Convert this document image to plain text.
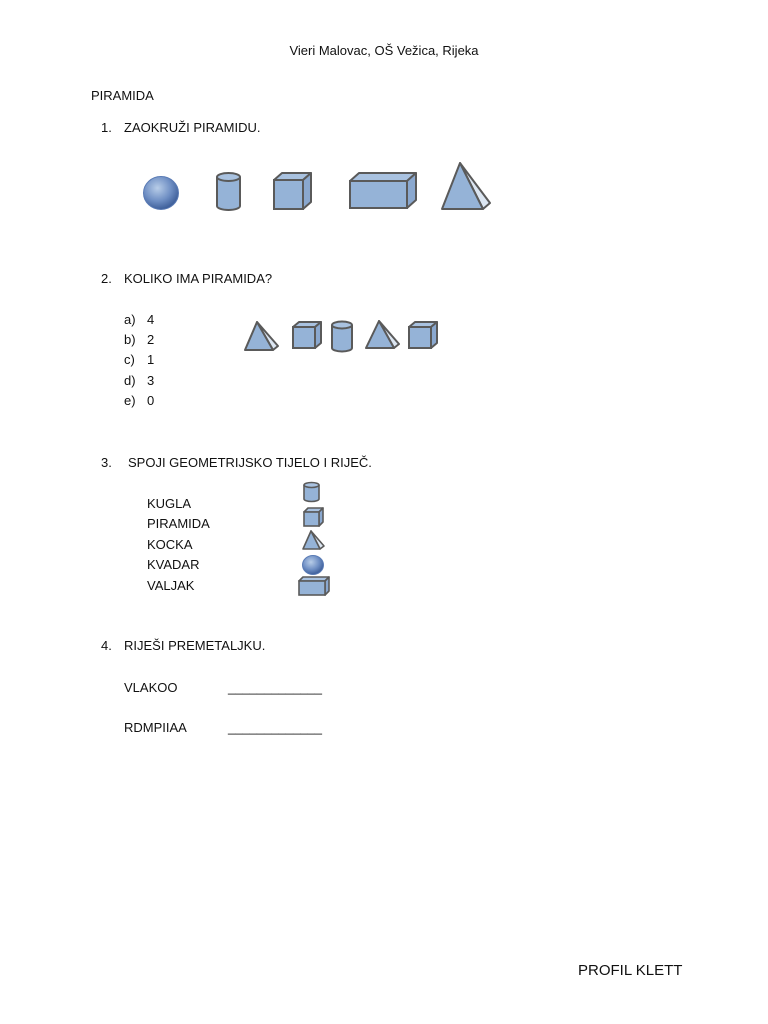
Vieri Malovac, OŠ Vežica, Rijeka
PIRAMIDA
1. ZAOKRUŽI PIRAMIDU.
2. KOLIKO IMA PIRAMIDA?
a) 4
b) 2
c) 1
d) 3
e) 0
3. SPOJI GEOMETRIJSKO TIJELO I RIJEČ.
KUGLA
PIRAMIDA
KOCKA
KVADAR
VALJAK
4. RIJEŠI PREMETALJKU.
VLAKOO	_____________
RDMPIIAA	_____________
PROFIL KLETT
